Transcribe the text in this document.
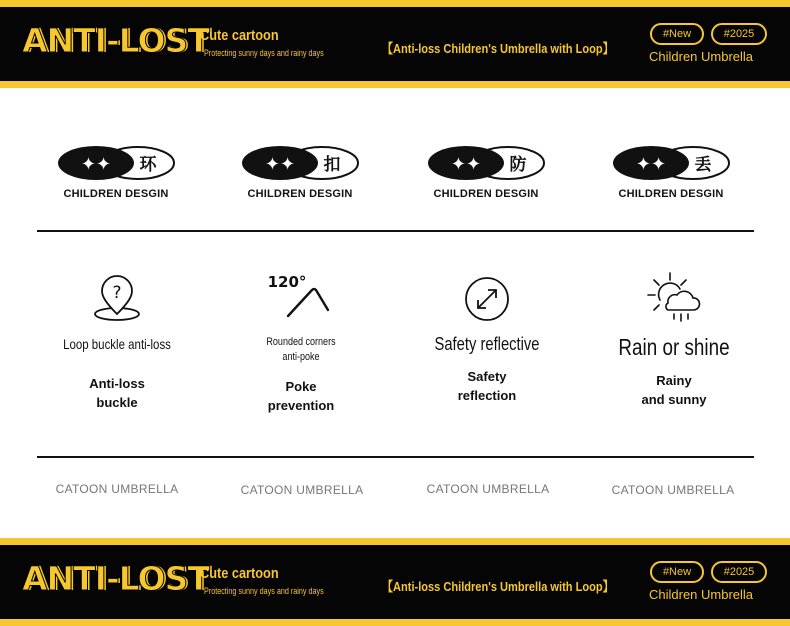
ANTI-LOST
Cute cartoon
Protecting sunny days and rainy days	【Anti-loss Children's Umbrella with Loop】
#New	#2025
Children Umbrella
✦✦ 环
CHILDREN DESGIN
✦✦ 扣
CHILDREN DESGIN
✦✦ 防
CHILDREN DESGIN
✦✦ 丢
CHILDREN DESGIN
?
Loop buckle anti-loss
Anti-loss
buckle
120°
Rounded corners
anti-poke
Poke
prevention
Safety reflective
Safety
reflection
Rain or shine
Rainy
and sunny
CATOON UMBRELLA	CATOON UMBRELLA	CATOON UMBRELLA	CATOON UMBRELLA
ANTI-LOST
Cute cartoon
Protecting sunny days and rainy days	【Anti-loss Children's Umbrella with Loop】
#New	#2025
Children Umbrella
